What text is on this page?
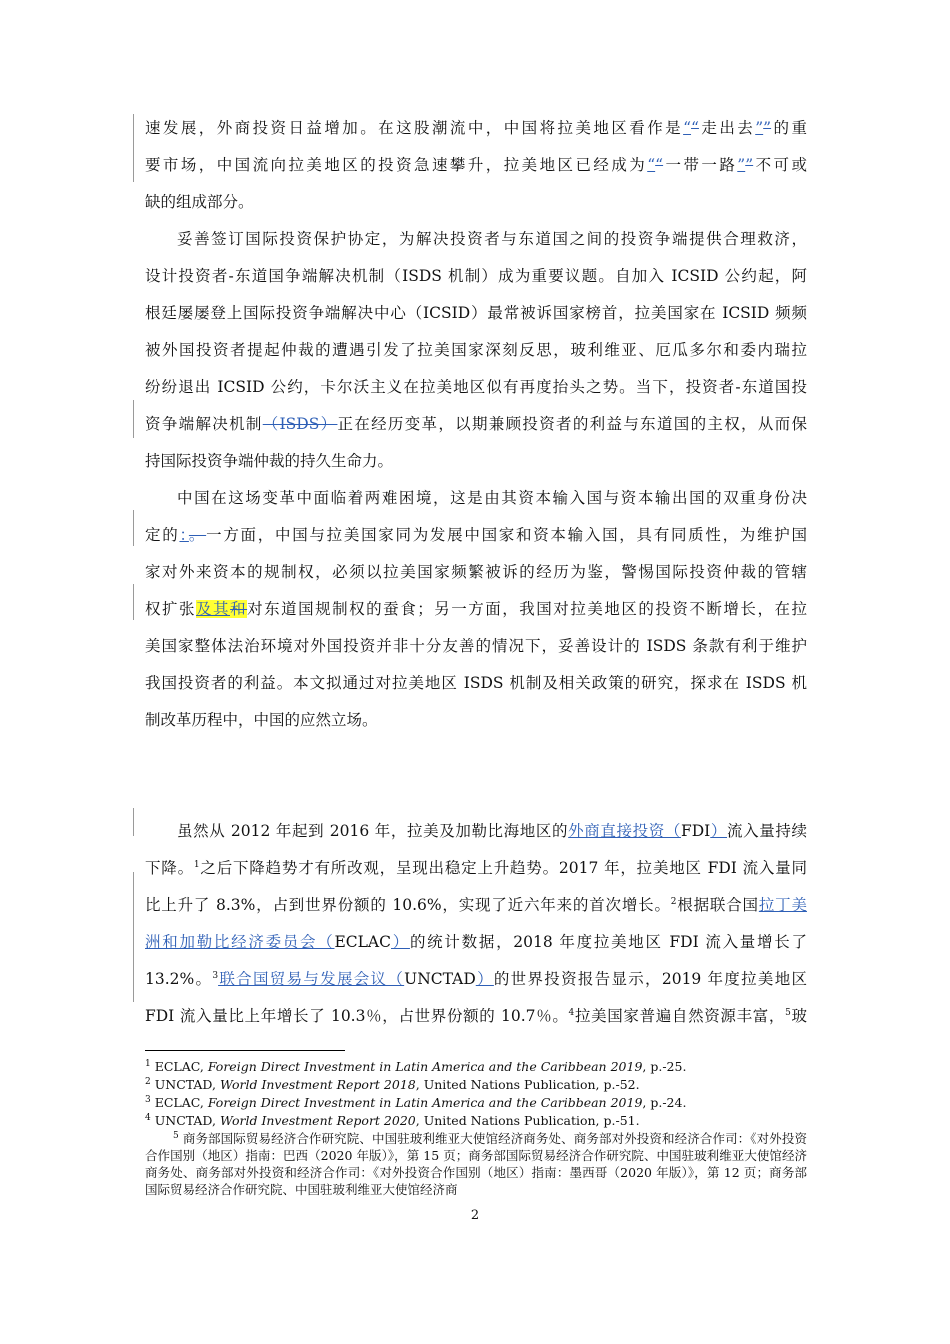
速发展，外商投资日益增加。在这股潮流中，中国将拉美地区看作是““走出去””的重
要市场，中国流向拉美地区的投资急速攀升，拉美地区已经成为““一带一路””不可或
缺的组成部分。
妥善签订国际投资保护协定，为解决投资者与东道国之间的投资争端提供合理救济，
设计投资者-东道国争端解决机制（ISDS 机制）成为重要议题。自加入 ICSID 公约起，阿
根廷屡屡登上国际投资争端解决中心（ICSID）最常被诉国家榜首，拉美国家在 ICSID 频频
被外国投资者提起仲裁的遭遇引发了拉美国家深刻反思，玻利维亚、厄瓜多尔和委内瑞拉
纷纷退出 ICSID 公约，卡尔沃主义在拉美地区似有再度抬头之势。当下，投资者-东道国投
资争端解决机制（ISDS）正在经历变革，以期兼顾投资者的利益与东道国的主权，从而保
持国际投资争端仲裁的持久生命力。
中国在这场变革中面临着两难困境，这是由其资本输入国与资本输出国的双重身份决
定的：。一方面，中国与拉美国家同为发展中国家和资本输入国，具有同质性，为维护国
家对外来资本的规制权，必须以拉美国家频繁被诉的经历为鉴，警惕国际投资仲裁的管辖
权扩张及其和对东道国规制权的蚕食；另一方面，我国对拉美地区的投资不断增长，在拉
美国家整体法治环境对外国投资并非十分友善的情况下，妥善设计的 ISDS 条款有利于维护
我国投资者的利益。本文拟通过对拉美地区 ISDS 机制及相关政策的研究，探求在 ISDS 机
制改革历程中，中国的应然立场。
虽然从 2012 年起到 2016 年，拉美及加勒比海地区的外商直接投资（FDI）流入量持续
下降。$^1$之后下降趋势才有所改观，呈现出稳定上升趋势。2017 年，拉美地区 FDI 流入量同
比上升了 8.3%，占到世界份额的 10.6%，实现了近六年来的首次增长。$^2$根据联合国拉丁美
洲和加勒比经济委员会（ECLAC）的统计数据，2018 年度拉美地区 FDI 流入量增长了
13.2%。$^3$联合国贸易与发展会议（UNCTAD）的世界投资报告显示，2019 年度拉美地区
FDI 流入量比上年增长了 10.3％，占世界份额的 10.7％。$^4$拉美国家普遍自然资源丰富，$^5$玻
$^1$ ECLAC, Foreign Direct Investment in Latin America and the Caribbean 2019, p.-25.
$^2$ UNCTAD, World Investment Report 2018, United Nations Publication, p.-52.
$^3$ ECLAC, Foreign Direct Investment in Latin America and the Caribbean 2019, p.-24.
$^4$ UNCTAD, World Investment Report 2020, United Nations Publication, p.-51.
$^5$ 商务部国际贸易经济合作研究院、中国驻玻利维亚大使馆经济商务处、商务部对外投资和经济合作司：《对外投资合作国别（地区）指南：巴西（2020 年版）》，第 15 页；商务部国际贸易经济合作研究院、中国驻玻利维亚大使馆经济商务处、商务部对外投资和经济合作司：《对外投资合作国别（地区）指南：墨西哥（2020 年版）》，第 12 页；商务部国际贸易经济合作研究院、中国驻玻利维亚大使馆经济商
2
